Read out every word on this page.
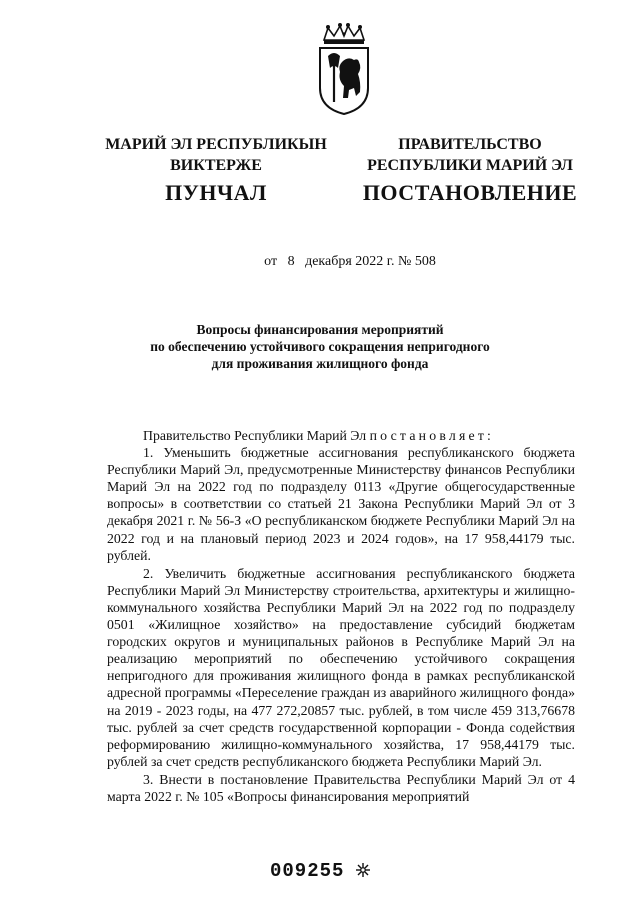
МАРИЙ ЭЛ РЕСПУБЛИКЫН
ВИКТЕРЖЕ
ПУНЧАЛ
ПРАВИТЕЛЬСТВО
РЕСПУБЛИКИ МАРИЙ ЭЛ
ПОСТАНОВЛЕНИЕ
от   8   декабря 2022 г. № 508
Вопросы финансирования мероприятий
по обеспечению устойчивого сокращения непригодного
для проживания жилищного фонда

Правительство Республики Марий Эл постановляет:

1. Уменьшить бюджетные ассигнования республиканского бюджета Республики Марий Эл, предусмотренные Министерству финансов Республики Марий Эл на 2022 год по подразделу 0113 «Другие общегосударственные вопросы» в соответствии со статьей 21 Закона Республики Марий Эл от 3 декабря 2021 г. № 56-З «О республиканском бюджете Республики Марий Эл на 2022 год и на плановый период 2023 и 2024 годов», на 17 958,44179 тыс. рублей.

2. Увеличить бюджетные ассигнования республиканского бюджета Республики Марий Эл Министерству строительства, архитектуры и жилищно-коммунального хозяйства Республики Марий Эл на 2022 год по подразделу 0501 «Жилищное хозяйство» на предоставление субсидий бюджетам городских округов и муниципальных районов в Республике Марий Эл на реализацию мероприятий по обеспечению устойчивого сокращения непригодного для проживания жилищного фонда в рамках республиканской адресной программы «Переселение граждан из аварийного жилищного фонда» на 2019 - 2023 годы, на 477 272,20857 тыс. рублей, в том числе 459 313,76678 тыс. рублей за счет средств государственной корпорации - Фонда содействия реформированию жилищно-коммунального хозяйства, 17 958,44179 тыс. рублей за счет средств республиканского бюджета Республики Марий Эл.

3. Внести в постановление Правительства Республики Марий Эл от 4 марта 2022 г. № 105 «Вопросы финансирования мероприятий

009255
